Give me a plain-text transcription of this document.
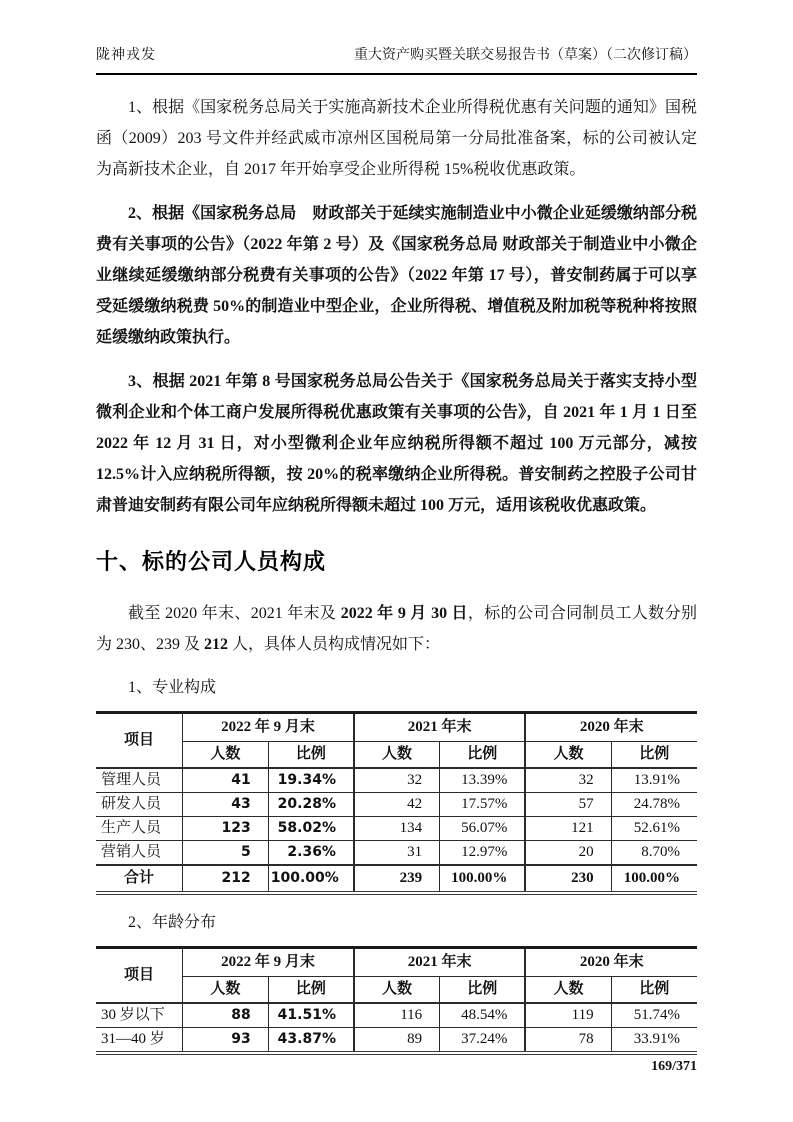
陇神戎发	重大资产购买暨关联交易报告书（草案）（二次修订稿）

1、根据《国家税务总局关于实施高新技术企业所得税优惠有关问题的通知》国税函（2009）203 号文件并经武威市凉州区国税局第一分局批准备案，标的公司被认定为高新技术企业，自 2017 年开始享受企业所得税 15%税收优惠政策。

2、根据《国家税务总局　财政部关于延续实施制造业中小微企业延缓缴纳部分税费有关事项的公告》（2022 年第 2 号）及《国家税务总局 财政部关于制造业中小微企业继续延缓缴纳部分税费有关事项的公告》（2022 年第 17 号），普安制药属于可以享受延缓缴纳税费 50%的制造业中型企业，企业所得税、增值税及附加税等税种将按照延缓缴纳政策执行。

3、根据 2021 年第 8 号国家税务总局公告关于《国家税务总局关于落实支持小型微利企业和个体工商户发展所得税优惠政策有关事项的公告》，自 2021 年 1 月 1 日至 2022 年 12 月 31 日，对小型微利企业年应纳税所得额不超过 100 万元部分，减按 12.5%计入应纳税所得额，按 20%的税率缴纳企业所得税。普安制药之控股子公司甘肃普迪安制药有限公司年应纳税所得额未超过 100 万元，适用该税收优惠政策。

十、标的公司人员构成

截至 2020 年末、2021 年末及 2022 年 9 月 30 日，标的公司合同制员工人数分别为 230、239 及 212 人，具体人员构成情况如下：

1、专业构成

项目	2022 年 9 月末		2021 年末		2020 年末	
	人数	比例	人数	比例	人数	比例
管理人员	41	19.34%	32	13.39%	32	13.91%
研发人员	43	20.28%	42	17.57%	57	24.78%
生产人员	123	58.02%	134	56.07%	121	52.61%
营销人员	5	2.36%	31	12.97%	20	8.70%
合计	212	100.00%	239	100.00%	230	100.00%

2、年龄分布

项目	2022 年 9 月末		2021 年末		2020 年末	
	人数	比例	人数	比例	人数	比例
30 岁以下	88	41.51%	116	48.54%	119	51.74%
31—40 岁	93	43.87%	89	37.24%	78	33.91%
169/371
